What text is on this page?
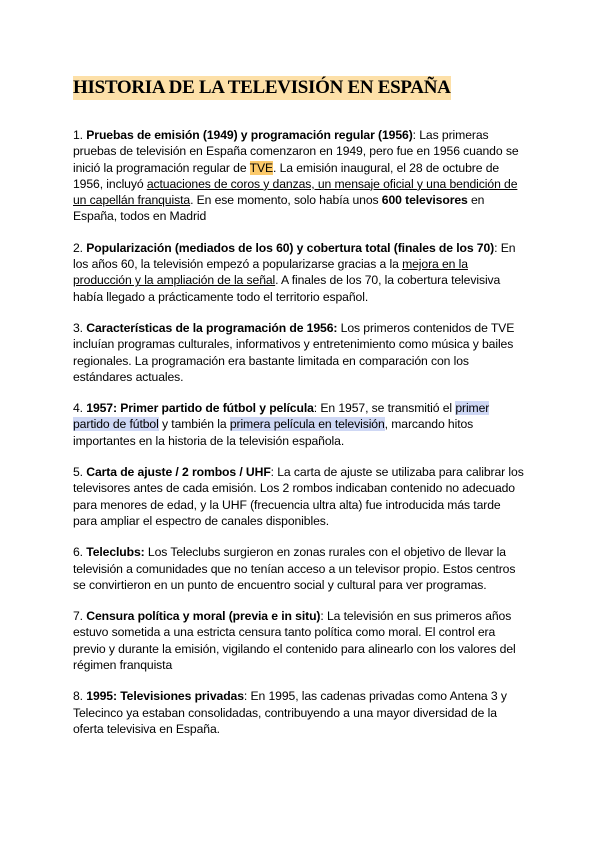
HISTORIA DE LA TELEVISIÓN EN ESPAÑA

1. Pruebas de emisión (1949) y programación regular (1956): Las primeras pruebas de televisión en España comenzaron en 1949, pero fue en 1956 cuando se inició la programación regular de TVE. La emisión inaugural, el 28 de octubre de 1956, incluyó actuaciones de coros y danzas, un mensaje oficial y una bendición de un capellán franquista. En ese momento, solo había unos 600 televisores en España, todos en Madrid

2. Popularización (mediados de los 60) y cobertura total (finales de los 70): En los años 60, la televisión empezó a popularizarse gracias a la mejora en la producción y la ampliación de la señal. A finales de los 70, la cobertura televisiva había llegado a prácticamente todo el territorio español.

3. Características de la programación de 1956: Los primeros contenidos de TVE incluían programas culturales, informativos y entretenimiento como música y bailes regionales. La programación era bastante limitada en comparación con los estándares actuales.

4. 1957: Primer partido de fútbol y película: En 1957, se transmitió el primer partido de fútbol y también la primera película en televisión, marcando hitos importantes en la historia de la televisión española.

5. Carta de ajuste / 2 rombos / UHF: La carta de ajuste se utilizaba para calibrar los televisores antes de cada emisión. Los 2 rombos indicaban contenido no adecuado para menores de edad, y la UHF (frecuencia ultra alta) fue introducida más tarde para ampliar el espectro de canales disponibles.

6. Teleclubs: Los Teleclubs surgieron en zonas rurales con el objetivo de llevar la televisión a comunidades que no tenían acceso a un televisor propio. Estos centros se convirtieron en un punto de encuentro social y cultural para ver programas.

7. Censura política y moral (previa e in situ): La televisión en sus primeros años estuvo sometida a una estricta censura tanto política como moral. El control era previo y durante la emisión, vigilando el contenido para alinearlo con los valores del régimen franquista

8. 1995: Televisiones privadas: En 1995, las cadenas privadas como Antena 3 y Telecinco ya estaban consolidadas, contribuyendo a una mayor diversidad de la oferta televisiva en España.
